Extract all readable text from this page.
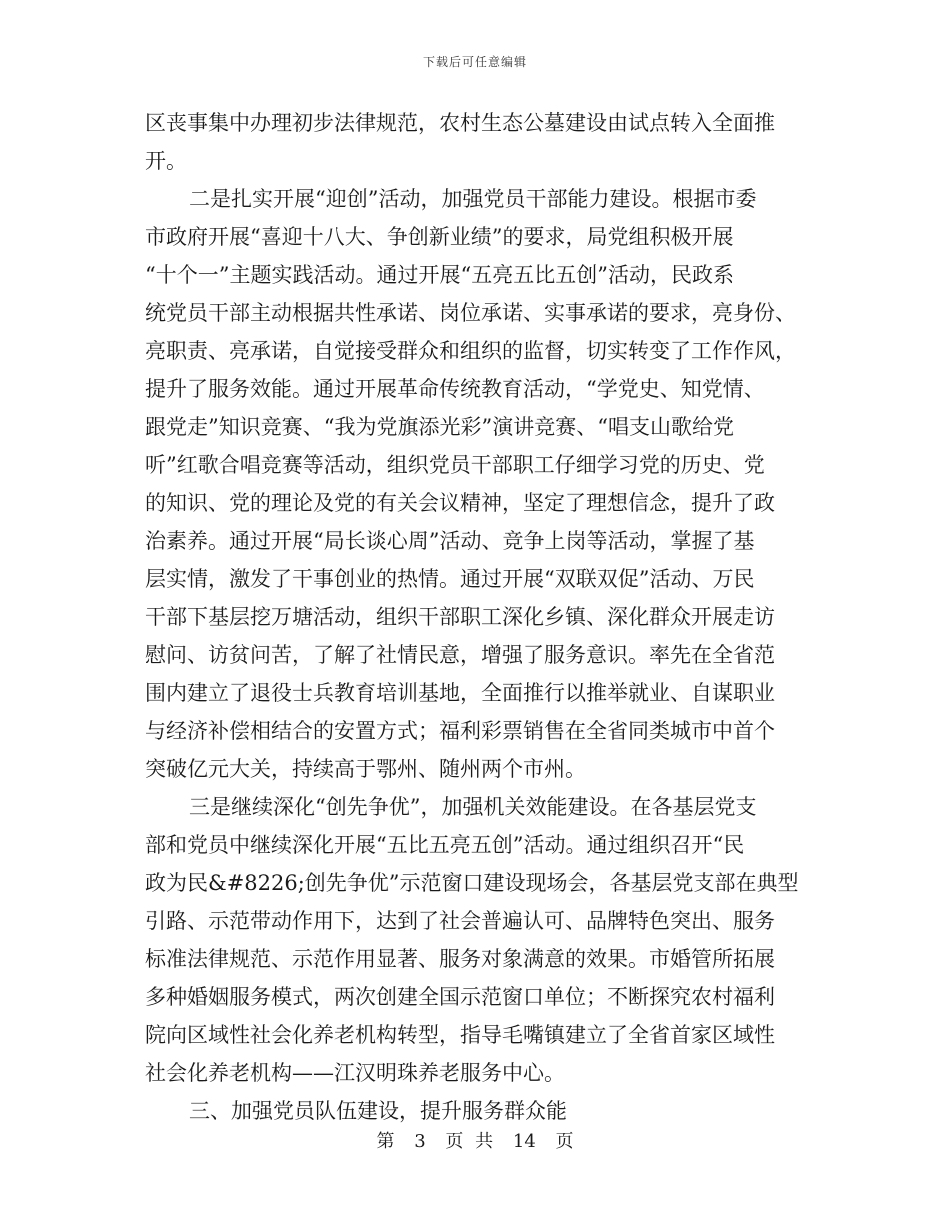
下载后可任意编辑
区丧事集中办理初步法律规范，农村生态公墓建设由试点转入全面推
开。
二是扎实开展“迎创”活动，加强党员干部能力建设。根据市委
市政府开展“喜迎十八大、争创新业绩”的要求，局党组积极开展
“十个一”主题实践活动。通过开展“五亮五比五创”活动，民政系
统党员干部主动根据共性承诺、岗位承诺、实事承诺的要求，亮身份、
亮职责、亮承诺，自觉接受群众和组织的监督，切实转变了工作作风，
提升了服务效能。通过开展革命传统教育活动，“学党史、知党情、
跟党走”知识竞赛、“我为党旗添光彩”演讲竞赛、“唱支山歌给党
听”红歌合唱竞赛等活动，组织党员干部职工仔细学习党的历史、党
的知识、党的理论及党的有关会议精神，坚定了理想信念，提升了政
治素养。通过开展“局长谈心周”活动、竞争上岗等活动，掌握了基
层实情，激发了干事创业的热情。通过开展“双联双促”活动、万民
干部下基层挖万塘活动，组织干部职工深化乡镇、深化群众开展走访
慰问、访贫问苦，了解了社情民意，增强了服务意识。率先在全省范
围内建立了退役士兵教育培训基地，全面推行以推举就业、自谋职业
与经济补偿相结合的安置方式；福利彩票销售在全省同类城市中首个
突破亿元大关，持续高于鄂州、随州两个市州。
三是继续深化“创先争优”，加强机关效能建设。在各基层党支
部和党员中继续深化开展“五比五亮五创”活动。通过组织召开“民
政为民&#8226;创先争优”示范窗口建设现场会，各基层党支部在典型
引路、示范带动作用下，达到了社会普遍认可、品牌特色突出、服务
标准法律规范、示范作用显著、服务对象满意的效果。市婚管所拓展
多种婚姻服务模式，两次创建全国示范窗口单位；不断探究农村福利
院向区域性社会化养老机构转型，指导毛嘴镇建立了全省首家区域性
社会化养老机构——江汉明珠养老服务中心。
三、加强党员队伍建设，提升服务群众能
第 3 页 共 14 页
